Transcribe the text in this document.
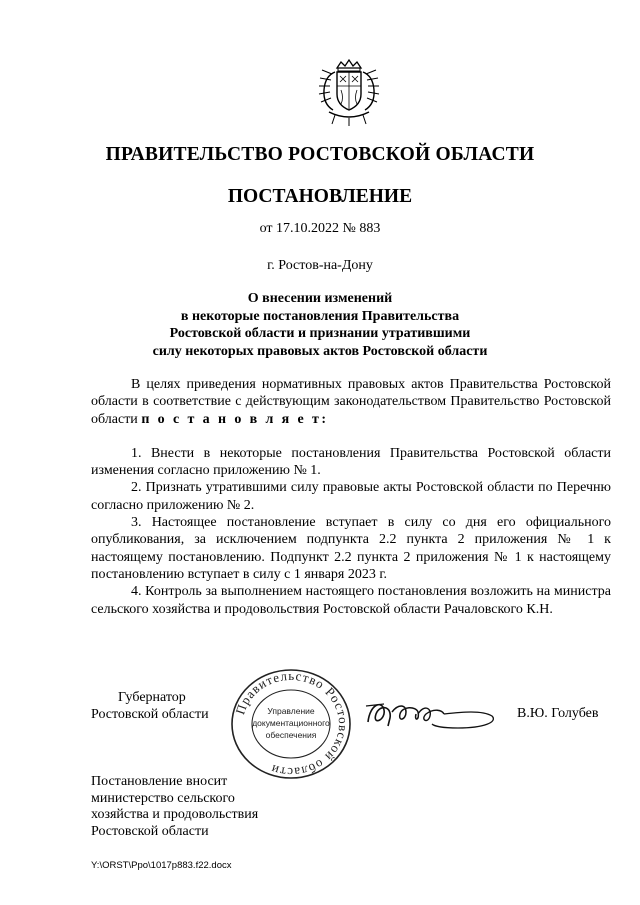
ПРАВИТЕЛЬСТВО РОСТОВСКОЙ ОБЛАСТИ
ПОСТАНОВЛЕНИЕ
от 17.10.2022 № 883
г. Ростов-на-Дону
О внесении изменений
в некоторые постановления Правительства
Ростовской области и признании утратившими
силу некоторых правовых актов Ростовской области

В целях приведения нормативных правовых актов Правительства Ростовской области в соответствие с действующим законодательством Правительство Ростовской области п о с т а н о в л я е т:

1. Внести в некоторые постановления Правительства Ростовской области изменения согласно приложению № 1.

2. Признать утратившими силу правовые акты Ростовской области по Перечню согласно приложению № 2.

3. Настоящее постановление вступает в силу со дня его официального опубликования, за исключением подпункта 2.2 пункта 2 приложения № 1 к настоящему постановлению. Подпункт 2.2 пункта 2 приложения № 1 к настоящему постановлению вступает в силу с 1 января 2023 г.

4. Контроль за выполнением настоящего постановления возложить на министра сельского хозяйства и продовольствия Ростовской области Рачаловского К.Н.

Губернатор
Ростовской области Правительство Ростовской области
Управление
документационного
обеспечения
В.Ю. Голубев
Постановление вносит
министерство сельского
хозяйства и продовольствия
Ростовской области
Y:\ORST\Ppo\1017p883.f22.docx
